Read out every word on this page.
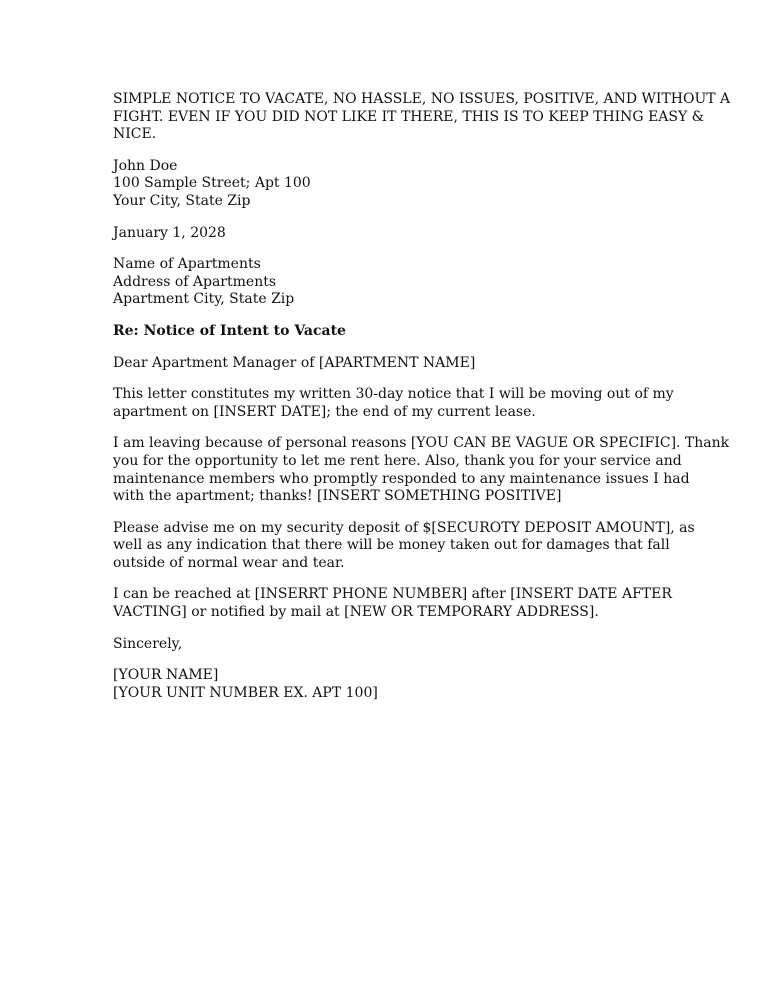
SIMPLE NOTICE TO VACATE, NO HASSLE, NO ISSUES, POSITIVE, AND WITHOUT A
FIGHT. EVEN IF YOU DID NOT LIKE IT THERE, THIS IS TO KEEP THING EASY &
NICE.
John Doe
100 Sample Street; Apt 100
Your City, State Zip
January 1, 2028
Name of Apartments
Address of Apartments
Apartment City, State Zip
Re: Notice of Intent to Vacate
Dear Apartment Manager of [APARTMENT NAME]
This letter constitutes my written 30-day notice that I will be moving out of my
apartment on [INSERT DATE]; the end of my current lease.
I am leaving because of personal reasons [YOU CAN BE VAGUE OR SPECIFIC]. Thank
you for the opportunity to let me rent here. Also, thank you for your service and
maintenance members who promptly responded to any maintenance issues I had
with the apartment; thanks! [INSERT SOMETHING POSITIVE]
Please advise me on my security deposit of $[SECUROTY DEPOSIT AMOUNT], as
well as any indication that there will be money taken out for damages that fall
outside of normal wear and tear.
I can be reached at [INSERRT PHONE NUMBER] after [INSERT DATE AFTER
VACTING] or notified by mail at [NEW OR TEMPORARY ADDRESS].
Sincerely,
[YOUR NAME]
[YOUR UNIT NUMBER EX. APT 100]
